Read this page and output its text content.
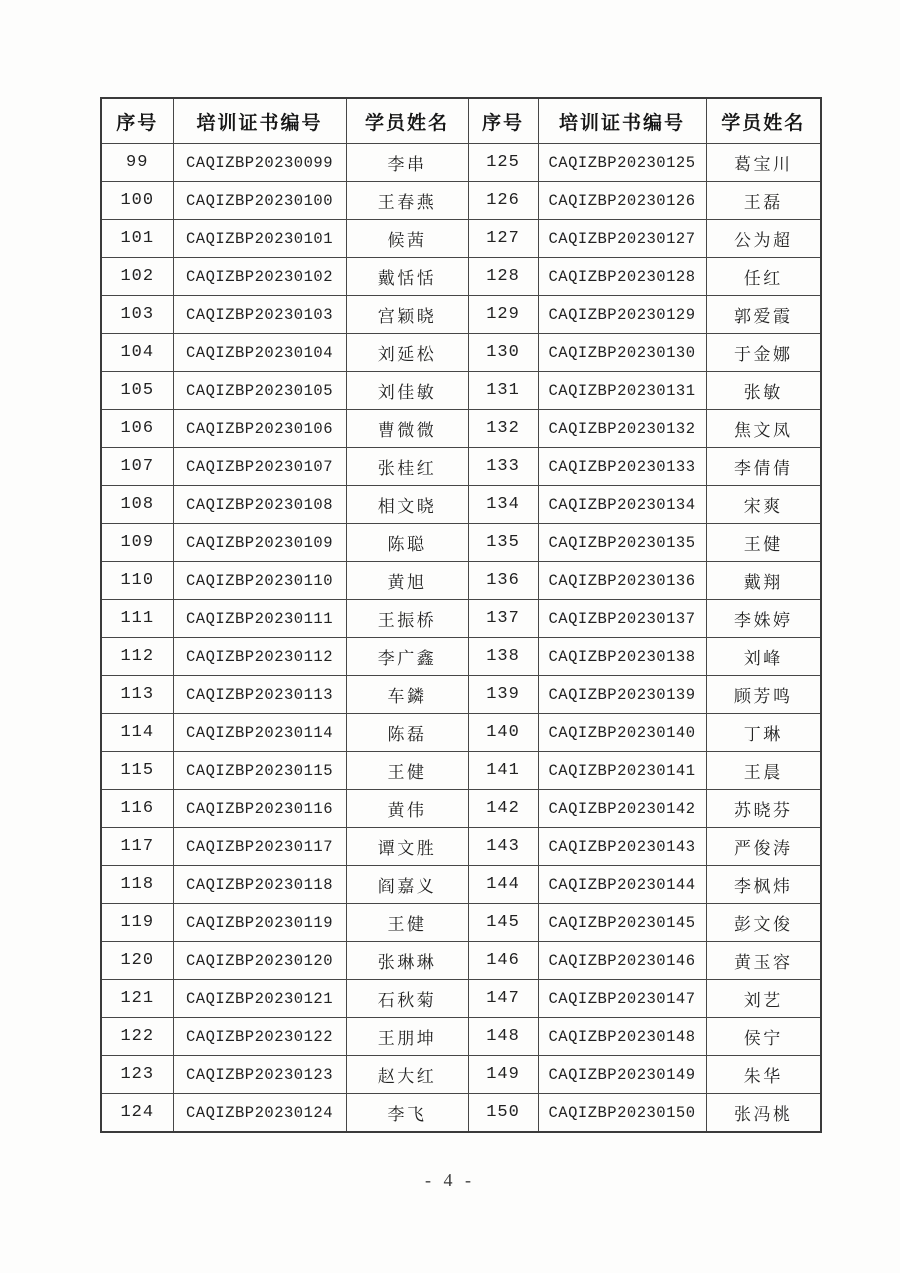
序号	培训证书编号	学员姓名	序号	培训证书编号	学员姓名
99	CAQIZBP20230099	李串	125	CAQIZBP20230125	葛宝川
100	CAQIZBP20230100	王春燕	126	CAQIZBP20230126	王磊
101	CAQIZBP20230101	候茜	127	CAQIZBP20230127	公为超
102	CAQIZBP20230102	戴恬恬	128	CAQIZBP20230128	任红
103	CAQIZBP20230103	宫颖晓	129	CAQIZBP20230129	郭爱霞
104	CAQIZBP20230104	刘延松	130	CAQIZBP20230130	于金娜
105	CAQIZBP20230105	刘佳敏	131	CAQIZBP20230131	张敏
106	CAQIZBP20230106	曹微微	132	CAQIZBP20230132	焦文凤
107	CAQIZBP20230107	张桂红	133	CAQIZBP20230133	李倩倩
108	CAQIZBP20230108	相文晓	134	CAQIZBP20230134	宋爽
109	CAQIZBP20230109	陈聪	135	CAQIZBP20230135	王健
110	CAQIZBP20230110	黄旭	136	CAQIZBP20230136	戴翔
111	CAQIZBP20230111	王振桥	137	CAQIZBP20230137	李姝婷
112	CAQIZBP20230112	李广鑫	138	CAQIZBP20230138	刘峰
113	CAQIZBP20230113	车鏻	139	CAQIZBP20230139	顾芳鸣
114	CAQIZBP20230114	陈磊	140	CAQIZBP20230140	丁琳
115	CAQIZBP20230115	王健	141	CAQIZBP20230141	王晨
116	CAQIZBP20230116	黄伟	142	CAQIZBP20230142	苏晓芬
117	CAQIZBP20230117	谭文胜	143	CAQIZBP20230143	严俊涛
118	CAQIZBP20230118	阎嘉义	144	CAQIZBP20230144	李枫炜
119	CAQIZBP20230119	王健	145	CAQIZBP20230145	彭文俊
120	CAQIZBP20230120	张琳琳	146	CAQIZBP20230146	黄玉容
121	CAQIZBP20230121	石秋菊	147	CAQIZBP20230147	刘艺
122	CAQIZBP20230122	王朋坤	148	CAQIZBP20230148	侯宁
123	CAQIZBP20230123	赵大红	149	CAQIZBP20230149	朱华
124	CAQIZBP20230124	李飞	150	CAQIZBP20230150	张冯桃
- 4 -
